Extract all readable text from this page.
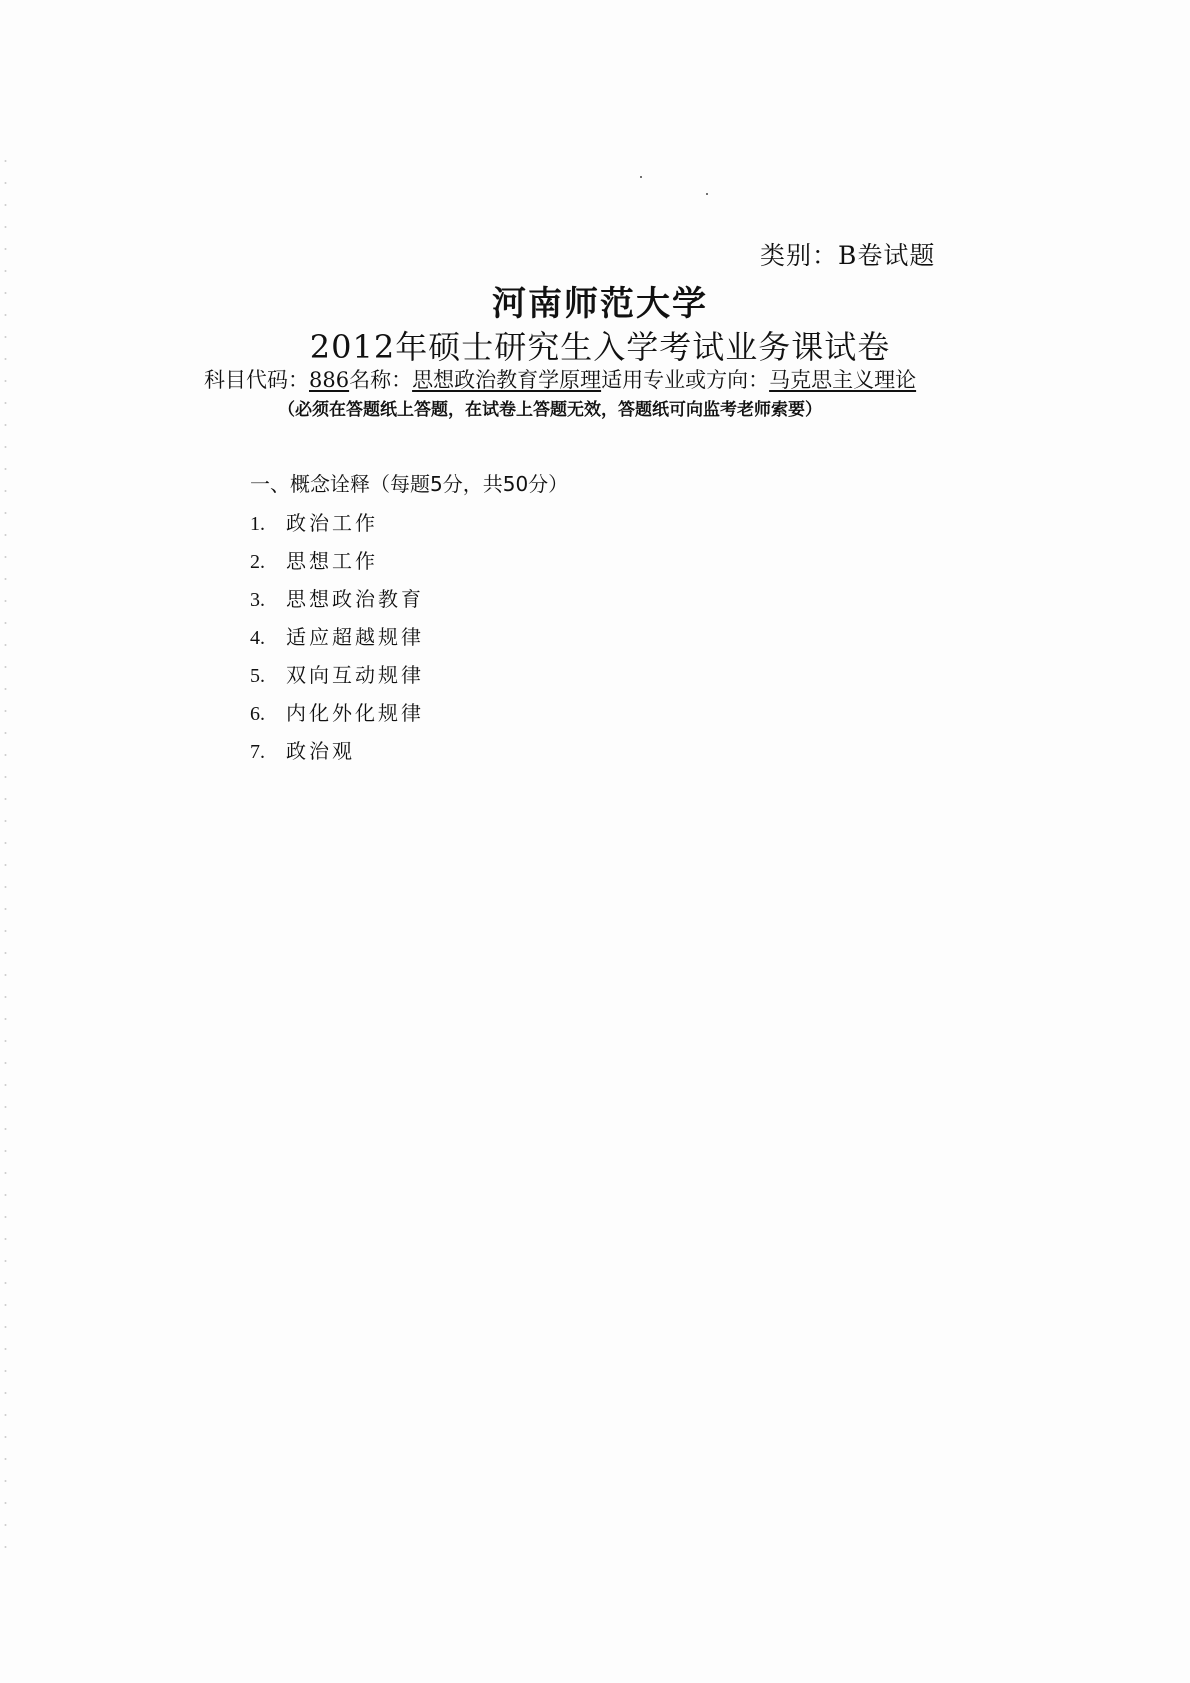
类别：B卷试题
河南师范大学
2012年硕士研究生入学考试业务课试卷
科目代码：886名称：思想政治教育学原理适用专业或方向：马克思主义理论
（必须在答题纸上答题，在试卷上答题无效，答题纸可向监考老师索要）
一、概念诠释（每题5分，共50分）
1. 政治工作
2. 思想工作
3. 思想政治教育
4. 适应超越规律
5. 双向互动规律
6. 内化外化规律
7. 政治观
